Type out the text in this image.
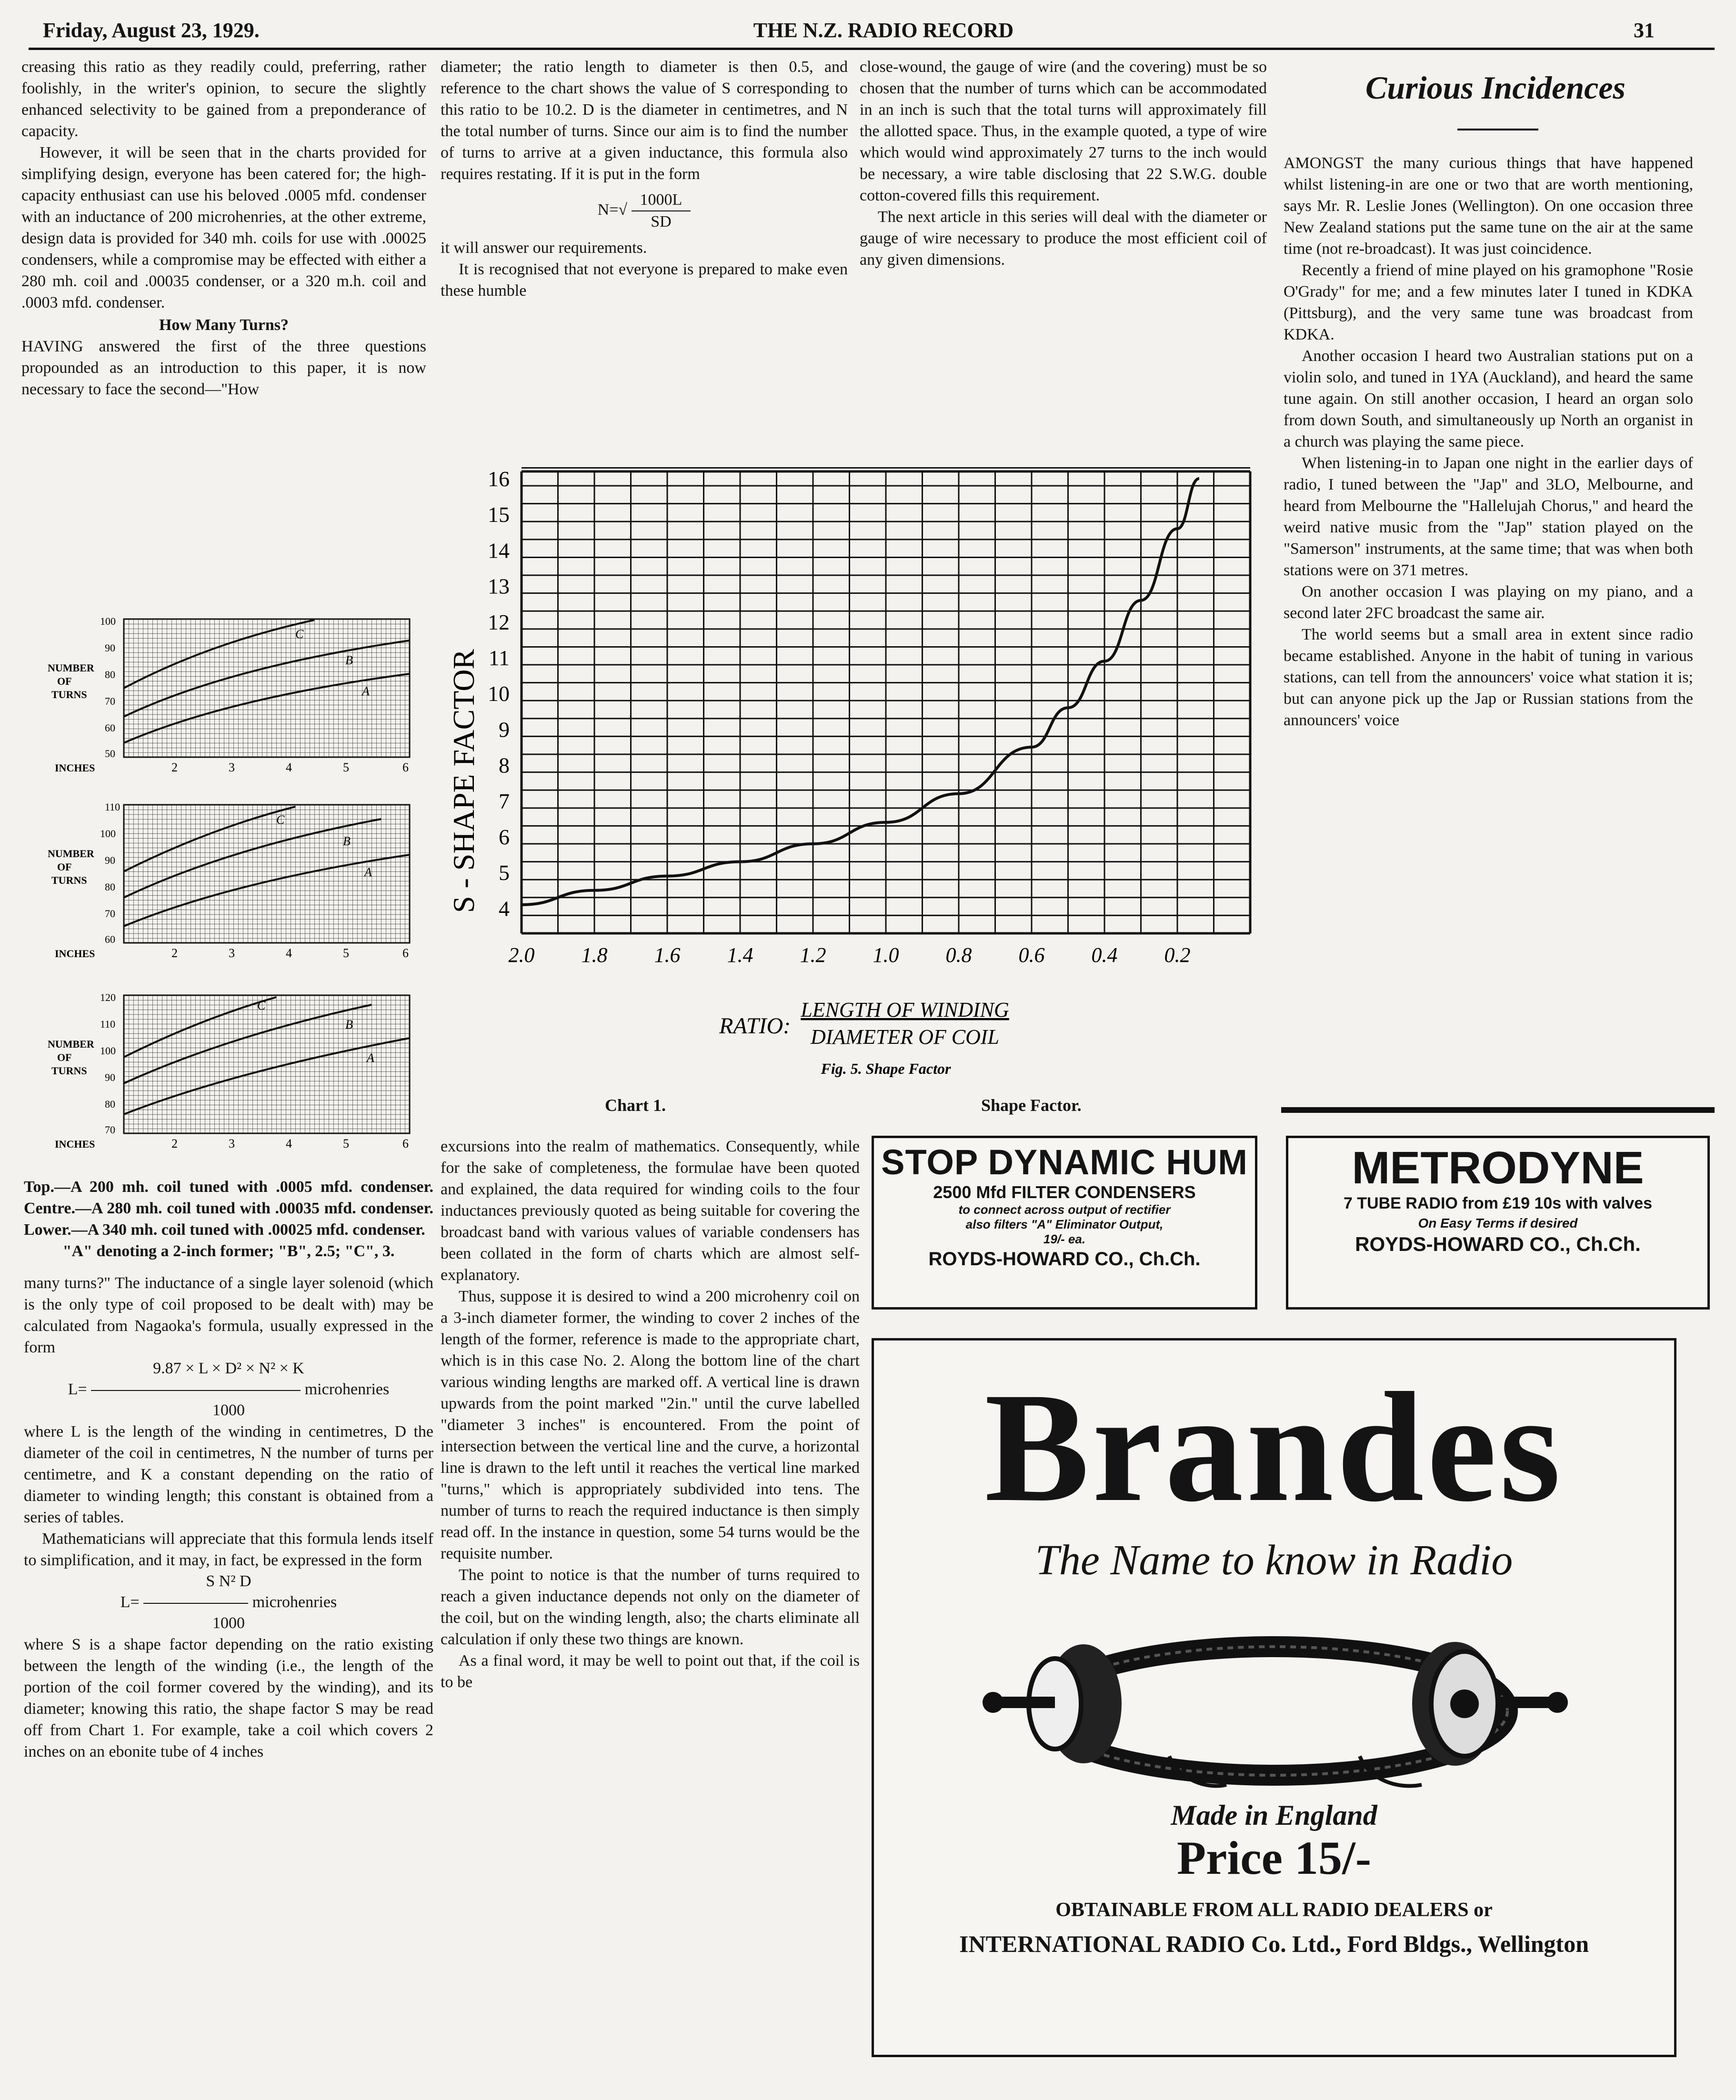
Friday, August 23, 1929.	THE N.Z. RADIO RECORD	31

creasing this ratio as they readily could, preferring, rather foolishly, in the writer's opinion, to secure the slightly enhanced selectivity to be gained from a preponderance of capacity.

However, it will be seen that in the charts provided for simplifying design, everyone has been catered for; the high-capacity enthusiast can use his beloved .0005 mfd. condenser with an inductance of 200 microhenries, at the other extreme, design data is provided for 340 mh. coils for use with .00025 condensers, while a compromise may be effected with either a 280 mh. coil and .00035 condenser, or a 320 m.h. coil and .0003 mfd. condenser.

How Many Turns?

HAVING answered the first of the three questions propounded as an introduction to this paper, it is now necessary to face the second—"How

NUMBER
OF
TURNS
100
90
80
70
60
50
A
B
C
INCHES	2	3	4	5	6
NUMBER
OF
TURNS
110
100
90
80
70
60
A
B
C
INCHES	2	3	4	5	6
NUMBER
OF
TURNS
120
110
100
90
80
70
A
B
C
INCHES	2	3	4	5	6

Top.—A 200 mh. coil tuned with .0005 mfd. condenser. Centre.—A 280 mh. coil tuned with .00035 mfd. condenser. Lower.—A 340 mh. coil tuned with .00025 mfd. condenser.

"A" denoting a 2-inch former; "B", 2.5; "C", 3.

many turns?" The inductance of a single layer solenoid (which is the only type of coil proposed to be dealt with) may be calculated from Nagaoka's formula, usually expressed in the form

9.87 × L × D² × N² × K
L=	microhenries
1000

where L is the length of the winding in centimetres, D the diameter of the coil in centimetres, N the number of turns per centimetre, and K a constant depending on the ratio of diameter to winding length; this constant is obtained from a series of tables.

Mathematicians will appreciate that this formula lends itself to simplification, and it may, in fact, be expressed in the form

S N² D
L=	microhenries
1000

where S is a shape factor depending on the ratio existing between the length of the winding (i.e., the length of the portion of the coil former covered by the winding), and its diameter; knowing this ratio, the shape factor S may be read off from Chart 1. For example, take a coil which covers 2 inches on an ebonite tube of 4 inches

diameter; the ratio length to diameter is then 0.5, and reference to the chart shows the value of S corresponding to this ratio to be 10.2. D is the diameter in centimetres, and N the total number of turns. Since our aim is to find the number of turns to arrive at a given inductance, this formula also requires restating. If it is put in the form

$N=√ \frac{1000L}{SD}$

it will answer our requirements.

It is recognised that not everyone is prepared to make even these humble

close-wound, the gauge of wire (and the covering) must be so chosen that the number of turns which can be accommodated in an inch is such that the total turns will approximately fill the allotted space. Thus, in the example quoted, a type of wire which would wind approximately 27 turns to the inch would be necessary, a wire table disclosing that 22 S.W.G. double cotton-covered fills this requirement.

The next article in this series will deal with the diameter or gauge of wire necessary to produce the most efficient coil of any given dimensions.

2.0 1.8 1.6 1.4 1.2 1.0 0.8 0.6 0.4 0.2
4
5
6
7
8
9
10
11
12
13
14
15
16
S - SHAPE FACTOR
RATIO:
LENGTH OF WINDING
DIAMETER OF COIL
Fig. 5. Shape Factor
Chart 1.	Shape Factor.

excursions into the realm of mathematics. Consequently, while for the sake of completeness, the formulae have been quoted and explained, the data required for winding coils to the four inductances previously quoted as being suitable for covering the broadcast band with various values of variable condensers has been collated in the form of charts which are almost self-explanatory.

Thus, suppose it is desired to wind a 200 microhenry coil on a 3-inch diameter former, the winding to cover 2 inches of the length of the former, reference is made to the appropriate chart, which is in this case No. 2. Along the bottom line of the chart various winding lengths are marked off. A vertical line is drawn upwards from the point marked "2in." until the curve labelled "diameter 3 inches" is encountered. From the point of intersection between the vertical line and the curve, a horizontal line is drawn to the left until it reaches the vertical line marked "turns," which is appropriately subdivided into tens. The number of turns to reach the required inductance is then simply read off. In the instance in question, some 54 turns would be the requisite number.

The point to notice is that the number of turns required to reach a given inductance depends not only on the diameter of the coil, but on the winding length, also; the charts eliminate all calculation if only these two things are known.

As a final word, it may be well to point out that, if the coil is to be

Curious Incidences

AMONGST the many curious things that have happened whilst listening-in are one or two that are worth mentioning, says Mr. R. Leslie Jones (Wellington). On one occasion three New Zealand stations put the same tune on the air at the same time (not re-broadcast). It was just coincidence.

Recently a friend of mine played on his gramophone "Rosie O'Grady" for me; and a few minutes later I tuned in KDKA (Pittsburg), and the very same tune was broadcast from KDKA.

Another occasion I heard two Australian stations put on a violin solo, and tuned in 1YA (Auckland), and heard the same tune again. On still another occasion, I heard an organ solo from down South, and simultaneously up North an organist in a church was playing the same piece.

When listening-in to Japan one night in the earlier days of radio, I tuned between the "Jap" and 3LO, Melbourne, and heard from Melbourne the "Hallelujah Chorus," and heard the weird native music from the "Jap" station played on the "Samerson" instruments, at the same time; that was when both stations were on 371 metres.

On another occasion I was playing on my piano, and a second later 2FC broadcast the same air.

The world seems but a small area in extent since radio became established. Anyone in the habit of tuning in various stations, can tell from the announcers' voice what station it is; but can anyone pick up the Jap or Russian stations from the announcers' voice

STOP DYNAMIC HUM
2500 Mfd FILTER CONDENSERS
to connect across output of rectifier
also filters "A" Eliminator Output,
19/- ea.
ROYDS-HOWARD CO., Ch.Ch.
METRODYNE
7 TUBE RADIO from £19 10s with valves
On Easy Terms if desired
ROYDS-HOWARD CO., Ch.Ch.
Brandes
The Name to know in Radio
Made in England
Price 15/-
OBTAINABLE FROM ALL RADIO DEALERS or
INTERNATIONAL RADIO Co. Ltd., Ford Bldgs., Wellington
